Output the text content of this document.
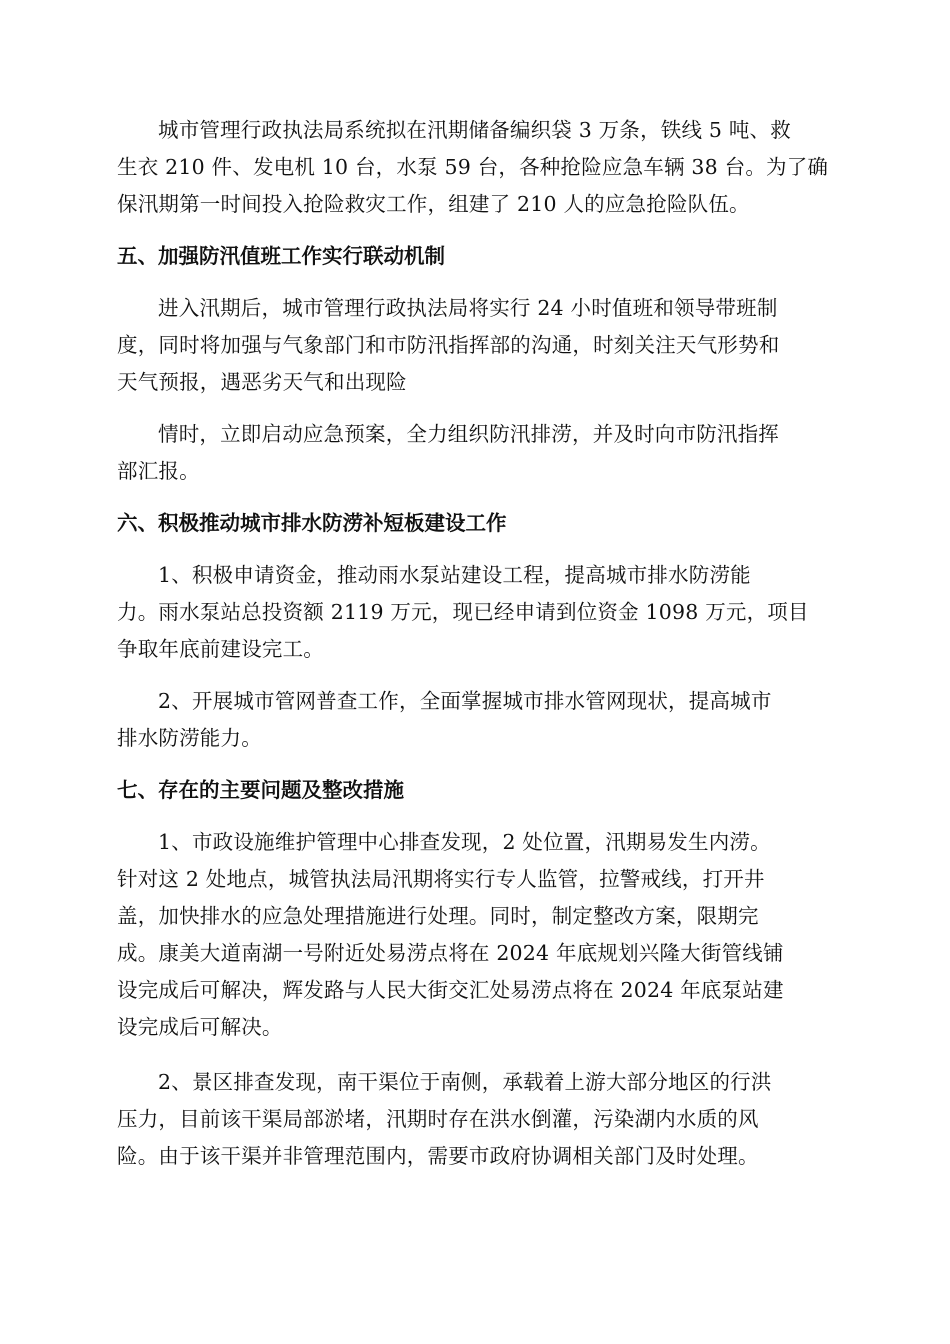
城市管理行政执法局系统拟在汛期储备编织袋 3 万条，铁线 5 吨、救
生衣 210 件、发电机 10 台，水泵 59 台，各种抢险应急车辆 38 台。为了确
保汛期第一时间投入抢险救灾工作，组建了 210 人的应急抢险队伍。

五、加强防汛值班工作实行联动机制

进入汛期后，城市管理行政执法局将实行 24 小时值班和领导带班制
度，同时将加强与气象部门和市防汛指挥部的沟通，时刻关注天气形势和
天气预报，遇恶劣天气和出现险

情时，立即启动应急预案，全力组织防汛排涝，并及时向市防汛指挥
部汇报。

六、积极推动城市排水防涝补短板建设工作

1、积极申请资金，推动雨水泵站建设工程，提高城市排水防涝能
力。雨水泵站总投资额 2119 万元，现已经申请到位资金 1098 万元，项目
争取年底前建设完工。

2、开展城市管网普查工作，全面掌握城市排水管网现状，提高城市
排水防涝能力。

七、存在的主要问题及整改措施

1、市政设施维护管理中心排查发现，2 处位置，汛期易发生内涝。
针对这 2 处地点，城管执法局汛期将实行专人监管，拉警戒线，打开井
盖，加快排水的应急处理措施进行处理。同时，制定整改方案，限期完
成。康美大道南湖一号附近处易涝点将在 2024 年底规划兴隆大街管线铺
设完成后可解决，辉发路与人民大街交汇处易涝点将在 2024 年底泵站建
设完成后可解决。

2、景区排查发现，南干渠位于南侧，承载着上游大部分地区的行洪
压力，目前该干渠局部淤堵，汛期时存在洪水倒灌，污染湖内水质的风
险。由于该干渠并非管理范围内，需要市政府协调相关部门及时处理。
